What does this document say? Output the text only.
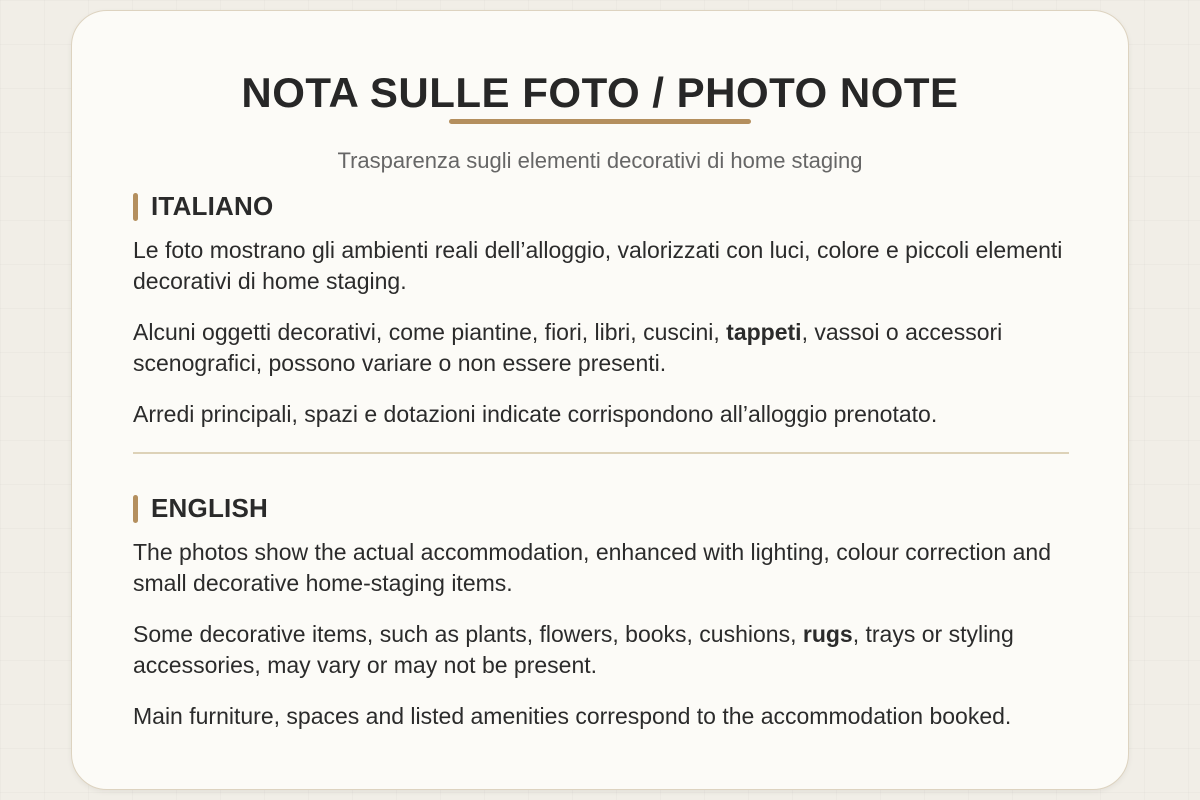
NOTA SULLE FOTO / PHOTO NOTE
Trasparenza sugli elementi decorativi di home staging
ITALIANO

Le foto mostrano gli ambienti reali dell’alloggio, valorizzati con luci, colore e piccoli elementi decorativi di home staging.

Alcuni oggetti decorativi, come piantine, fiori, libri, cuscini, tappeti, vassoi o accessori scenografici, possono variare o non essere presenti.

Arredi principali, spazi e dotazioni indicate corrispondono all’alloggio prenotato.

ENGLISH

The photos show the actual accommodation, enhanced with lighting, colour correction and small decorative home-staging items.

Some decorative items, such as plants, flowers, books, cushions, rugs, trays or styling accessories, may vary or may not be present.

Main furniture, spaces and listed amenities correspond to the accommodation booked.
